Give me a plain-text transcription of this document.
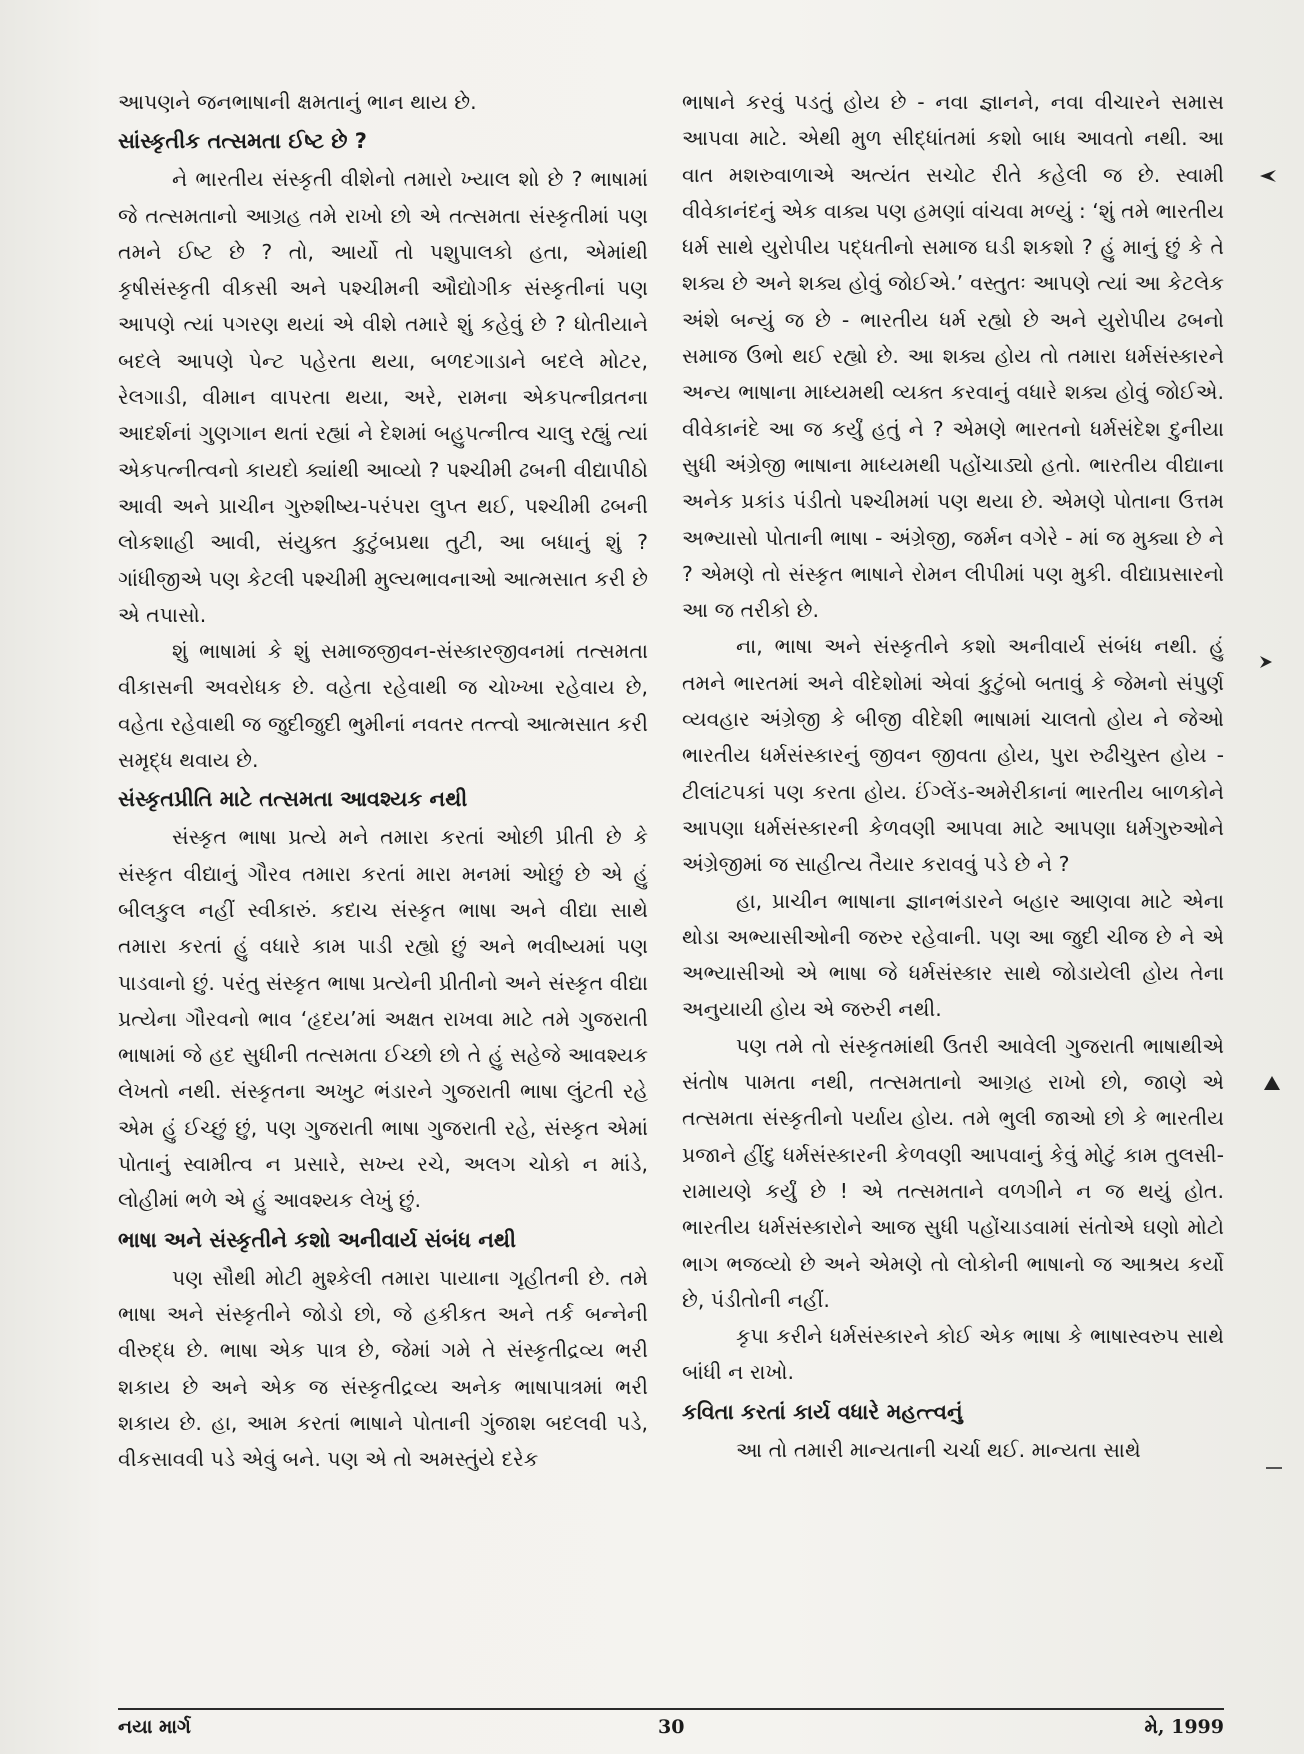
આપણને જનભાષાની ક્ષમતાનું ભાન થાય છે.

સાંસ્કૃતીક તત્સમતા ઈષ્ટ છે ?

ને ભારતીય સંસ્કૃતી વીશેનો તમારો ખ્યાલ શો છે ? ભાષામાં જે તત્સમતાનો આગ્રહ તમે રાખો છો એ તત્સમતા સંસ્કૃતીમાં પણ તમને ઈષ્ટ છે ? તો, આર્યો તો પશુપાલકો હતા, એમાંથી કૃષીસંસ્કૃતી વીકસી અને પશ્ચીમની ઔદ્યોગીક સંસ્કૃતીનાં પણ આપણે ત્યાં પગરણ થયાં એ વીશે તમારે શું કહેવું છે ? ધોતીયાને બદલે આપણે પેન્ટ પહેરતા થયા, બળદગાડાને બદલે મોટર, રેલગાડી, વીમાન વાપરતા થયા, અરે, રામના એકપત્નીવ્રતના આદર્શનાં ગુણગાન થતાં રહ્યાં ને દેશમાં બહુપત્નીત્વ ચાલુ રહ્યું ત્યાં એકપત્નીત્વનો કાયદો ક્યાંથી આવ્યો ? પશ્ચીમી ઢબની વીદ્યાપીઠો આવી અને પ્રાચીન ગુરુશીષ્ય-પરંપરા લુપ્ત થઈ, પશ્ચીમી ઢબની લોકશાહી આવી, સંયુક્ત કુટુંબપ્રથા તુટી, આ બધાનું શું ? ગાંધીજીએ પણ કેટલી પશ્ચીમી મુલ્યભાવનાઓ આત્મસાત કરી છે એ તપાસો.

શું ભાષામાં કે શું સમાજજીવન-સંસ્કારજીવનમાં તત્સમતા વીકાસની અવરોધક છે. વહેતા રહેવાથી જ ચોખ્ખા રહેવાય છે, વહેતા રહેવાથી જ જુદીજુદી ભુમીનાં નવતર તત્ત્વો આત્મસાત કરી સમૃદ્ધ થવાય છે.

સંસ્કૃતપ્રીતિ માટે તત્સમતા આવશ્યક નથી

સંસ્કૃત ભાષા પ્રત્યે મને તમારા કરતાં ઓછી પ્રીતી છે કે સંસ્કૃત વીદ્યાનું ગૌરવ તમારા કરતાં મારા મનમાં ઓછું છે એ હું બીલકુલ નહીં સ્વીકારું. કદાચ સંસ્કૃત ભાષા અને વીદ્યા સાથે તમારા કરતાં હું વધારે કામ પાડી રહ્યો છું અને ભવીષ્યમાં પણ પાડવાનો છું. પરંતુ સંસ્કૃત ભાષા પ્રત્યેની પ્રીતીનો અને સંસ્કૃત વીદ્યા પ્રત્યેના ગૌરવનો ભાવ ‘હૃદય’માં અક્ષત રાખવા માટે તમે ગુજરાતી ભાષામાં જે હદ સુધીની તત્સમતા ઈચ્છો છો તે હું સહેજે આવશ્યક લેખતો નથી. સંસ્કૃતના અખુટ ભંડારને ગુજરાતી ભાષા લુંટતી રહે એમ હું ઈચ્છું છું, પણ ગુજરાતી ભાષા ગુજરાતી રહે, સંસ્કૃત એમાં પોતાનું સ્વામીત્વ ન પ્રસારે, સખ્ય રચે, અલગ ચોકો ન માંડે, લોહીમાં ભળે એ હું આવશ્યક લેખું છું.

ભાષા અને સંસ્કૃતીને કશો અનીવાર્ય સંબંધ નથી

પણ સૌથી મોટી મુશ્કેલી તમારા પાયાના ગૃહીતની છે. તમે ભાષા અને સંસ્કૃતીને જોડો છો, જે હકીકત અને તર્ક બન્નેની વીરુદ્ધ છે. ભાષા એક પાત્ર છે, જેમાં ગમે તે સંસ્કૃતીદ્રવ્ય ભરી શકાય છે અને એક જ સંસ્કૃતીદ્રવ્ય અનેક ભાષાપાત્રમાં ભરી શકાય છે. હા, આમ કરતાં ભાષાને પોતાની ગુંજાશ બદલવી પડે, વીકસાવવી પડે એવું બને. પણ એ તો અમસ્તુંયે દરેક

ભાષાને કરવું પડતું હોય છે - નવા જ્ઞાનને, નવા વીચારને સમાસ આપવા માટે. એથી મુળ સીદ્ધાંતમાં કશો બાધ આવતો નથી. આ વાત મશરુવાળાએ અત્યંત સચોટ રીતે કહેલી જ છે. સ્વામી વીવેકાનંદનું એક વાક્ય પણ હમણાં વાંચવા મળ્યું : ‘શું તમે ભારતીય ધર્મ સાથે યુરોપીય પદ્ધતીનો સમાજ ઘડી શકશો ? હું માનું છું કે તે શક્ય છે અને શક્ય હોવું જોઈએ.’ વસ્તુતઃ આપણે ત્યાં આ કેટલેક અંશે બન્યું જ છે - ભારતીય ધર્મ રહ્યો છે અને યુરોપીય ઢબનો સમાજ ઉભો થઈ રહ્યો છે. આ શક્ય હોય તો તમારા ધર્મસંસ્કારને અન્ય ભાષાના માધ્યમથી વ્યક્ત કરવાનું વધારે શક્ય હોવું જોઈએ. વીવેકાનંદે આ જ કર્યું હતું ને ? એમણે ભારતનો ધર્મસંદેશ દુનીયા સુધી અંગ્રેજી ભાષાના માધ્યમથી પહોંચાડ્યો હતો. ભારતીય વીદ્યાના અનેક પ્રકાંડ પંડીતો પશ્ચીમમાં પણ થયા છે. એમણે પોતાના ઉત્તમ અભ્યાસો પોતાની ભાષા - અંગ્રેજી, જર્મન વગેરે - માં જ મુક્યા છે ને ? એમણે તો સંસ્કૃત ભાષાને રોમન લીપીમાં પણ મુકી. વીદ્યાપ્રસારનો આ જ તરીકો છે.

ના, ભાષા અને સંસ્કૃતીને કશો અનીવાર્ય સંબંધ નથી. હું તમને ભારતમાં અને વીદેશોમાં એવાં કુટુંબો બતાવું કે જેમનો સંપુર્ણ વ્યવહાર અંગ્રેજી કે બીજી વીદેશી ભાષામાં ચાલતો હોય ને જેઓ ભારતીય ધર્મસંસ્કારનું જીવન જીવતા હોય, પુરા રુઢીચુસ્ત હોય - ટીલાંટપકાં પણ કરતા હોય. ઈંગ્લેંડ-અમેરીકાનાં ભારતીય બાળકોને આપણા ધર્મસંસ્કારની કેળવણી આપવા માટે આપણા ધર્મગુરુઓને અંગ્રેજીમાં જ સાહીત્ય તૈયાર કરાવવું પડે છે ને ?

હા, પ્રાચીન ભાષાના જ્ઞાનભંડારને બહાર આણવા માટે એના થોડા અભ્યાસીઓની જરુર રહેવાની. પણ આ જુદી ચીજ છે ને એ અભ્યાસીઓ એ ભાષા જે ધર્મસંસ્કાર સાથે જોડાયેલી હોય તેના અનુયાયી હોય એ જરુરી નથી.

પણ તમે તો સંસ્કૃતમાંથી ઉતરી આવેલી ગુજરાતી ભાષાથીએ સંતોષ પામતા નથી, તત્સમતાનો આગ્રહ રાખો છો, જાણે એ તત્સમતા સંસ્કૃતીનો પર્યાય હોય. તમે ભુલી જાઓ છો કે ભારતીય પ્રજાને હીંદુ ધર્મસંસ્કારની કેળવણી આપવાનું કેવું મોટું કામ તુલસી-રામાયણે કર્યું છે ! એ તત્સમતાને વળગીને ન જ થયું હોત. ભારતીય ધર્મસંસ્કારોને આજ સુધી પહોંચાડવામાં સંતોએ ઘણો મોટો ભાગ ભજવ્યો છે અને એમણે તો લોકોની ભાષાનો જ આશ્રય કર્યો છે, પંડીતોની નહીં.

કૃપા કરીને ધર્મસંસ્કારને કોઈ એક ભાષા કે ભાષાસ્વરુપ સાથે બાંધી ન રાખો.

કવિતા કરતાં કાર્ય વધારે મહત્ત્વનું

આ તો તમારી માન્યતાની ચર્ચા થઈ. માન્યતા સાથે

નયા માર્ગ	30	મે, 1999
